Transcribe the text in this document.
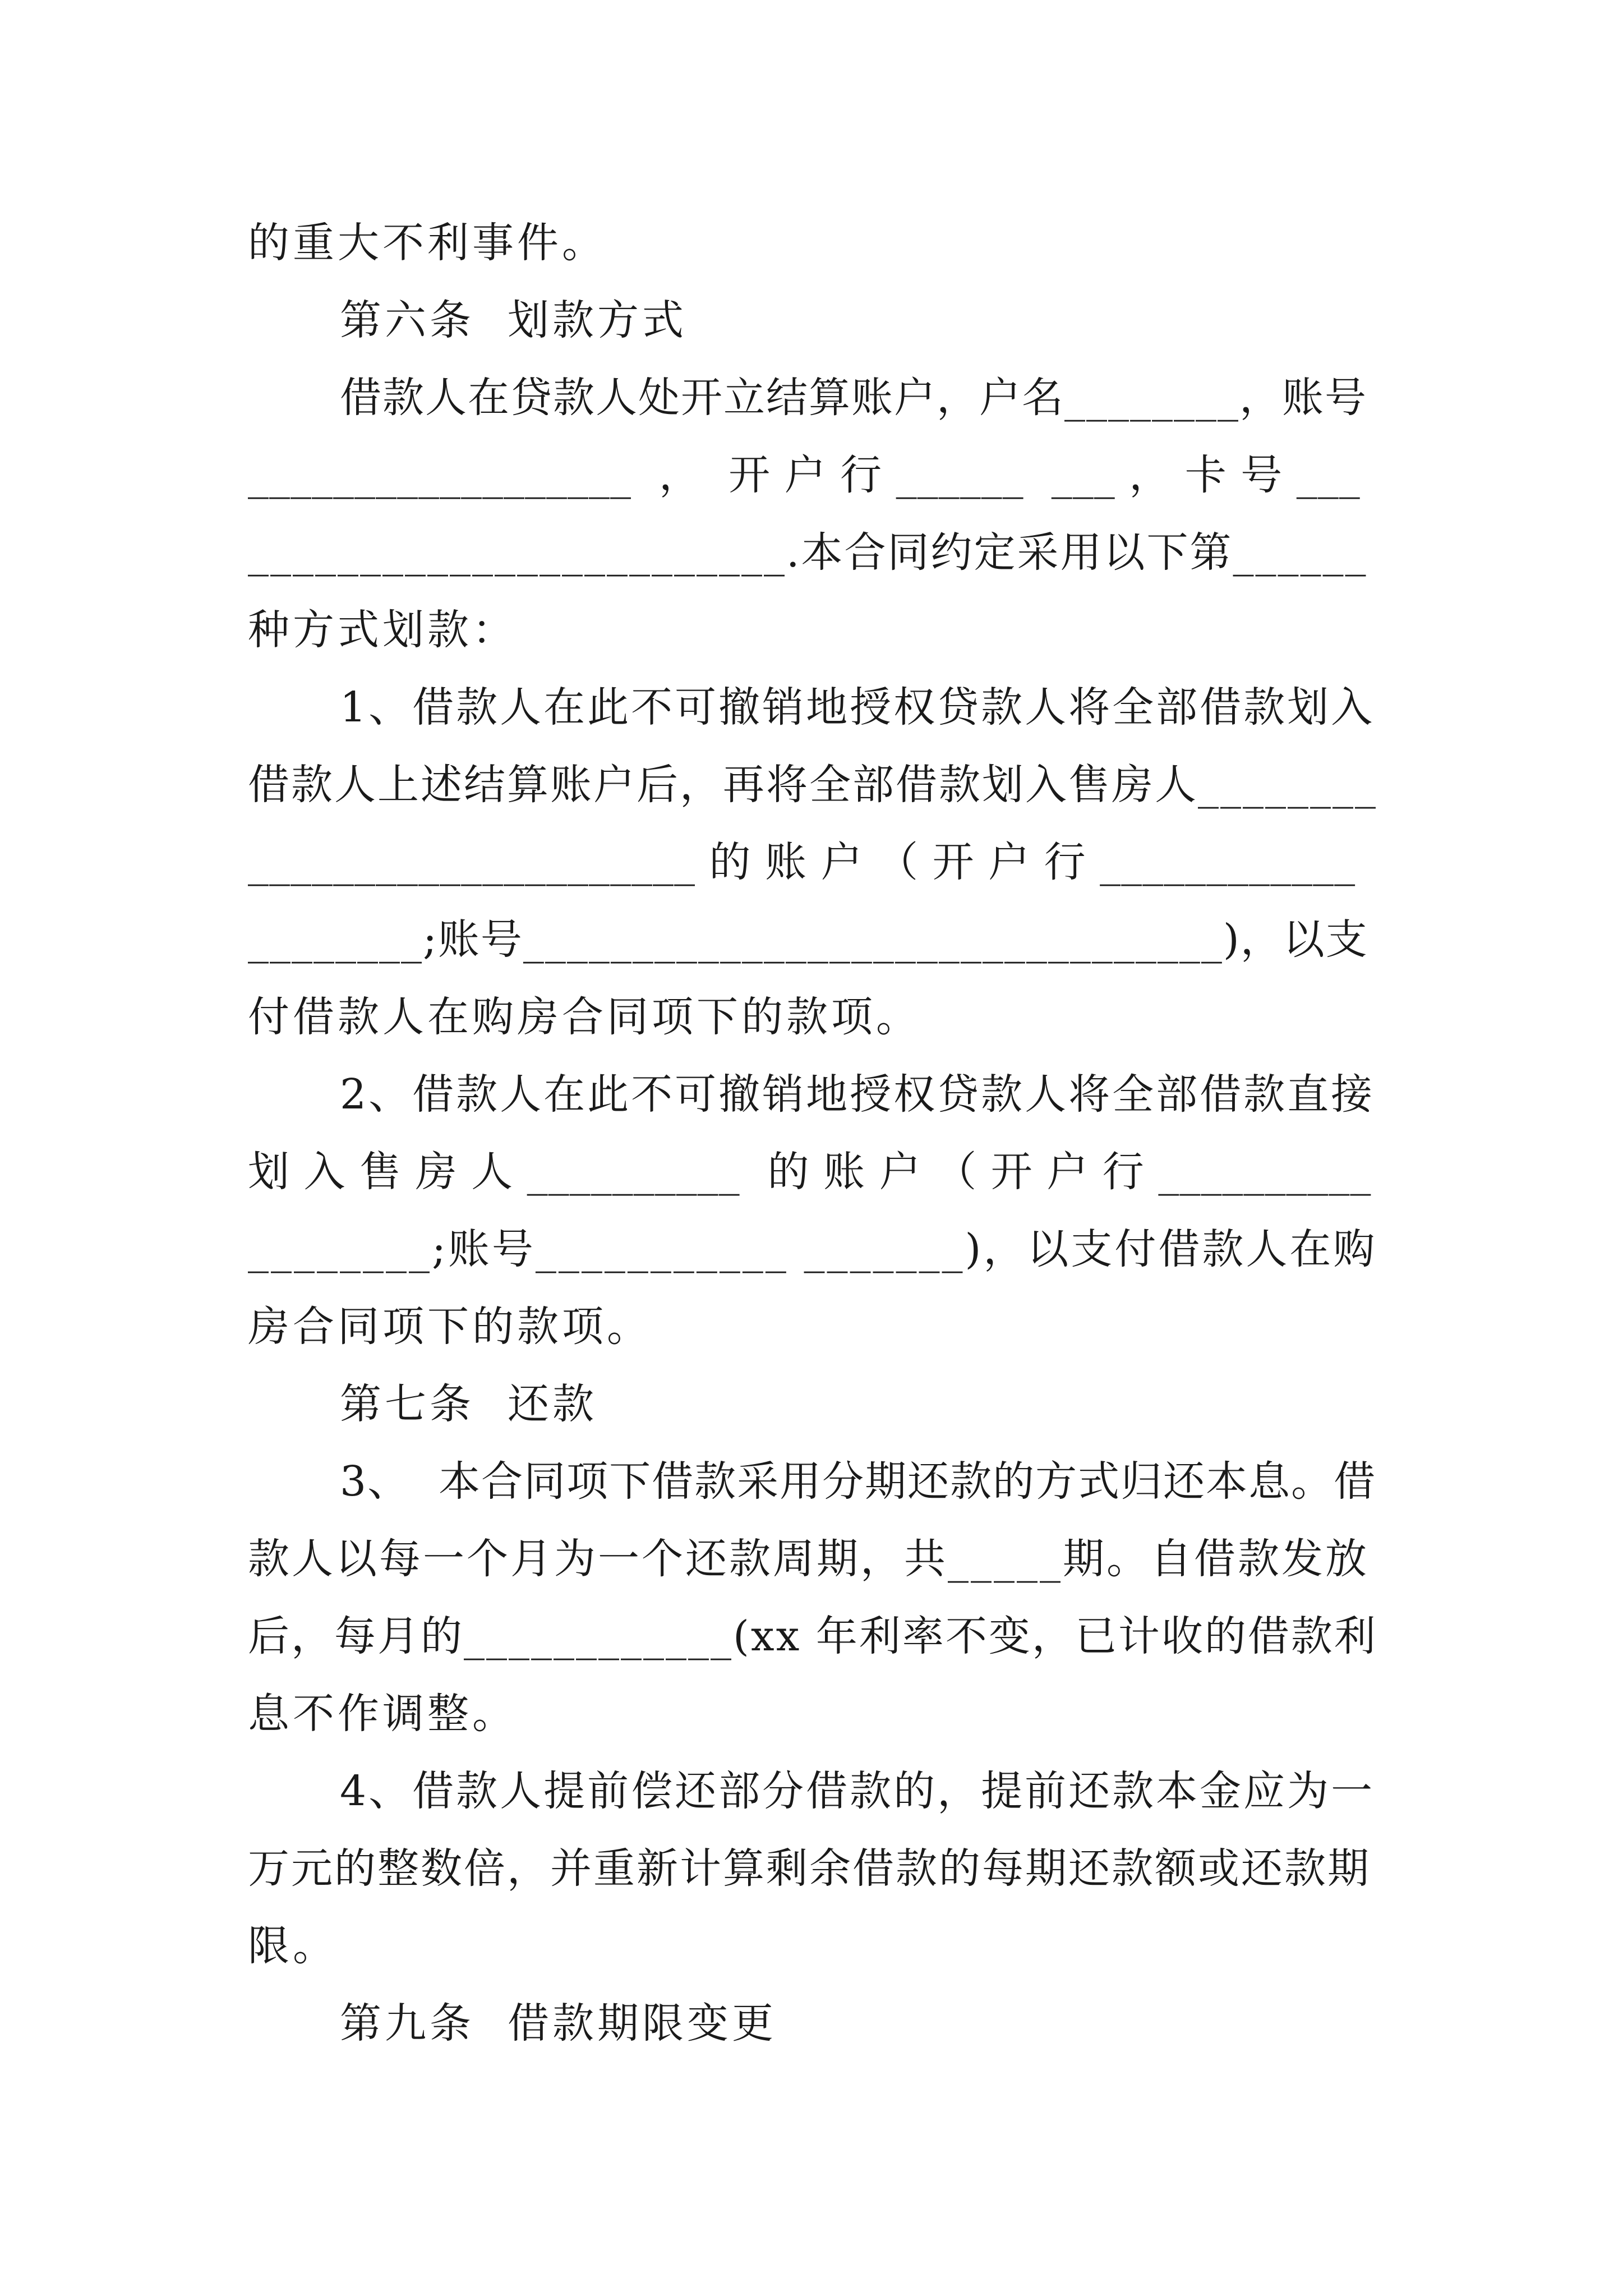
的重大不利事件。
第六条  划款方式
借款人在贷款人处开立结算账户，户名________，账号
__________________  ，  开 户 行 ______  ___ ， 卡 号 ___
________________________.本合同约定采用以下第______
种方式划款：
1、借款人在此不可撤销地授权贷款人将全部借款划入
借款人上述结算账户后，再将全部借款划入售房人________
_____________________ 的 账 户 （ 开 户 行 ____________
________;账号________________________________)，以支
付借款人在购房合同项下的款项。
2、借款人在此不可撤销地授权贷款人将全部借款直接
划 入 售 房 人 __________  的 账 户 （ 开 户 行 __________
________;账号___________ _______)，以支付借款人在购
房合同项下的款项。
第七条  还款
3、  本合同项下借款采用分期还款的方式归还本息。借
款人以每一个月为一个还款周期，共_____期。自借款发放
后，每月的____________(xx 年利率不变，已计收的借款利
息不作调整。
4、借款人提前偿还部分借款的，提前还款本金应为一
万元的整数倍，并重新计算剩余借款的每期还款额或还款期
限。
第九条  借款期限变更
